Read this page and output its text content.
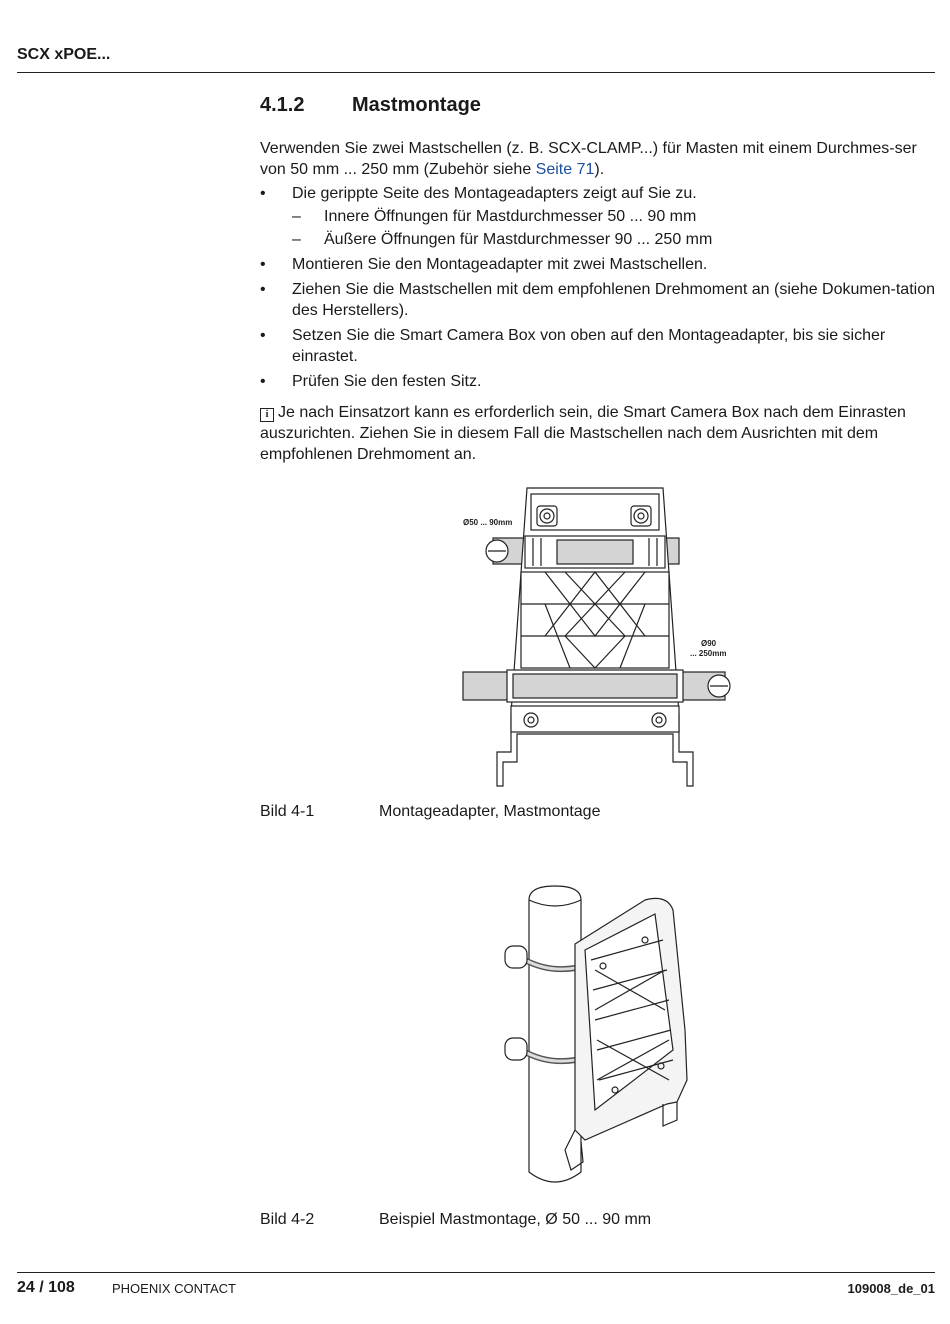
SCX xPOE...
4.1.2 Mastmontage
Verwenden Sie zwei Mastschellen (z. B. SCX-CLAMP...) für Masten mit einem Durchmes-ser von 50 mm ... 250 mm (Zubehör siehe Seite 71).
• Die gerippte Seite des Montageadapters zeigt auf Sie zu.
– Innere Öffnungen für Mastdurchmesser 50 ... 90 mm
– Äußere Öffnungen für Mastdurchmesser 90 ... 250 mm
• Montieren Sie den Montageadapter mit zwei Mastschellen.
• Ziehen Sie die Mastschellen mit dem empfohlenen Drehmoment an (siehe Dokumen-tation des Herstellers).
• Setzen Sie die Smart Camera Box von oben auf den Montageadapter, bis sie sicher einrastet.
• Prüfen Sie den festen Sitz.
i Je nach Einsatzort kann es erforderlich sein, die Smart Camera Box nach dem Einrasten auszurichten. Ziehen Sie in diesem Fall die Mastschellen nach dem Ausrichten mit dem empfohlenen Drehmoment an.
Ø50 ... 90mm
Ø90
... 250mm
Bild 4-1	Montageadapter, Mastmontage
Bild 4-2	Beispiel Mastmontage, Ø 50 ... 90 mm
24 / 108	PHOENIX CONTACT	109008_de_01
